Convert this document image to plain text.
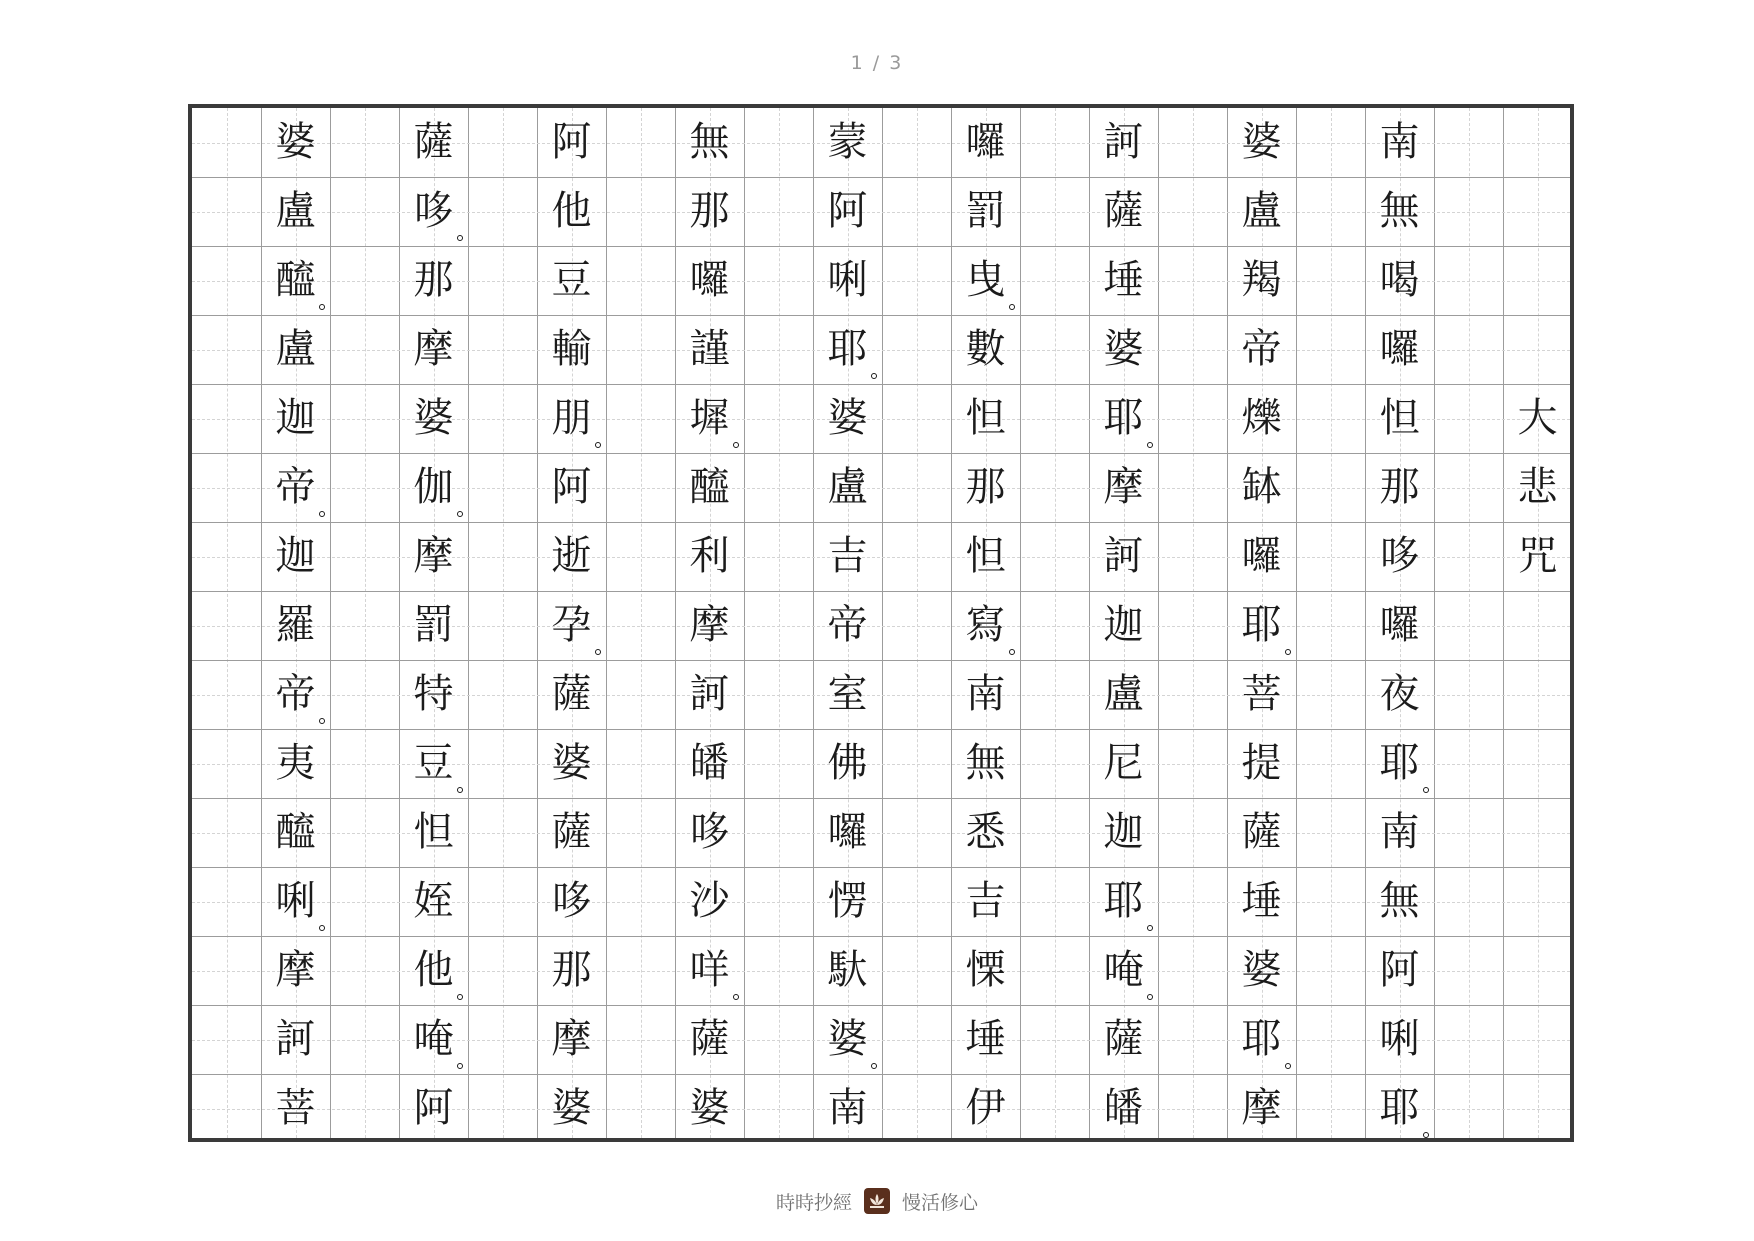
1 / 3
大
悲
咒
南
無
喝
囉
怛
那
哆
囉
夜
耶
南
無
阿
唎
耶
婆
盧
羯
帝
爍
缽
囉
耶
菩
提
薩
埵
婆
耶
摩
訶
薩
埵
婆
耶
摩
訶
迦
盧
尼
迦
耶
唵
薩
皤
囉
罰
曳
數
怛
那
怛
寫
南
無
悉
吉
慄
埵
伊
蒙
阿
唎
耶
婆
盧
吉
帝
室
佛
囉
愣
馱
婆
南
無
那
囉
謹
墀
醯
利
摩
訶
皤
哆
沙
咩
薩
婆
阿
他
豆
輸
朋
阿
逝
孕
薩
婆
薩
哆
那
摩
婆
薩
哆
那
摩
婆
伽
摩
罰
特
豆
怛
姪
他
唵
阿
婆
盧
醯
盧
迦
帝
迦
羅
帝
夷
醯
唎
摩
訶
菩
時時抄經	慢活修心
